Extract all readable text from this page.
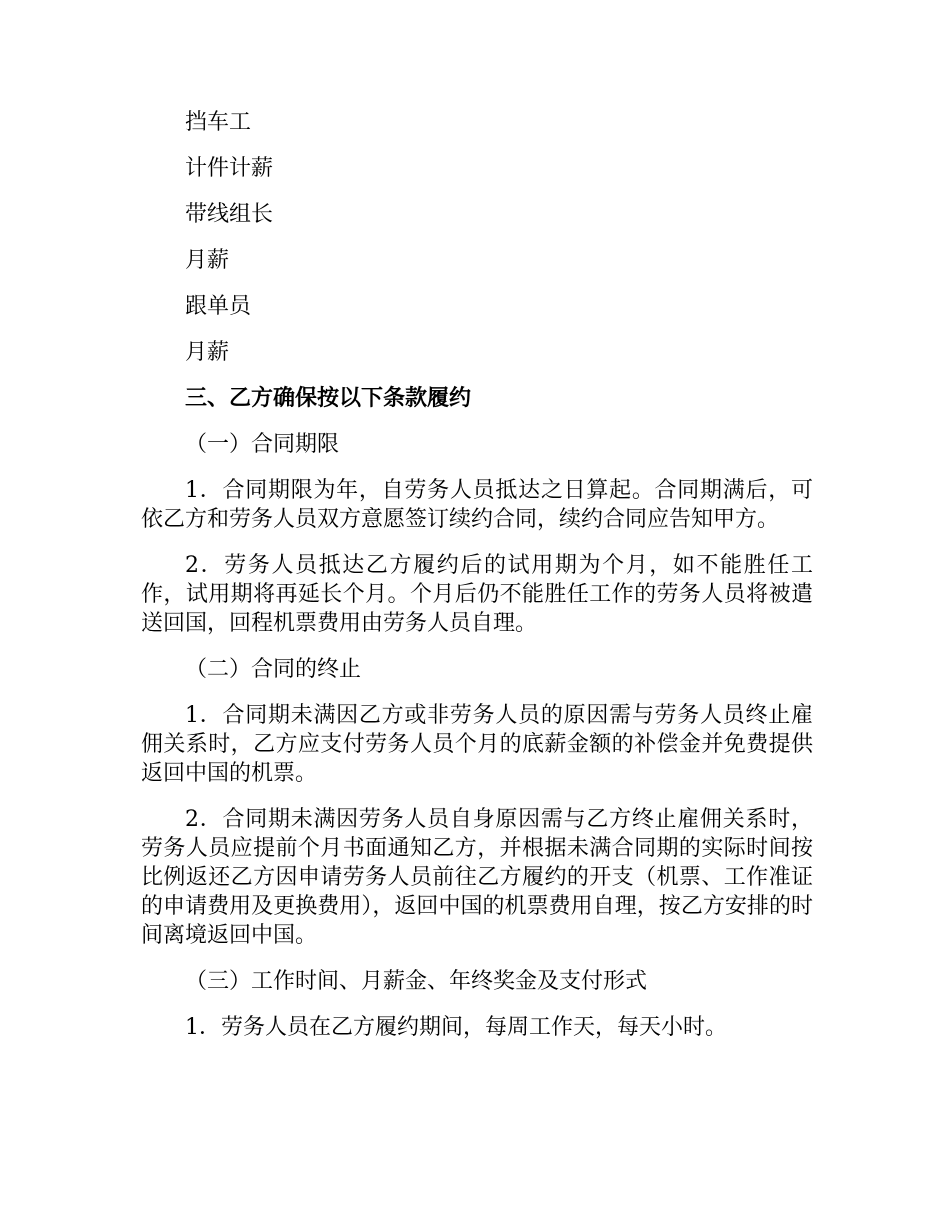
挡车工

计件计薪

带线组长

月薪

跟单员

月薪

三、乙方确保按以下条款履约

（一）合同期限

1．合同期限为年，自劳务人员抵达之日算起。合同期满后，可依乙方和劳务人员双方意愿签订续约合同，续约合同应告知甲方。

2．劳务人员抵达乙方履约后的试用期为个月，如不能胜任工作，试用期将再延长个月。个月后仍不能胜任工作的劳务人员将被遣送回国，回程机票费用由劳务人员自理。

（二）合同的终止

1．合同期未满因乙方或非劳务人员的原因需与劳务人员终止雇佣关系时，乙方应支付劳务人员个月的底薪金额的补偿金并免费提供返回中国的机票。

2．合同期未满因劳务人员自身原因需与乙方终止雇佣关系时，劳务人员应提前个月书面通知乙方，并根据未满合同期的实际时间按比例返还乙方因申请劳务人员前往乙方履约的开支（机票、工作准证的申请费用及更换费用），返回中国的机票费用自理，按乙方安排的时间离境返回中国。

（三）工作时间、月薪金、年终奖金及支付形式

1．劳务人员在乙方履约期间，每周工作天，每天小时。
